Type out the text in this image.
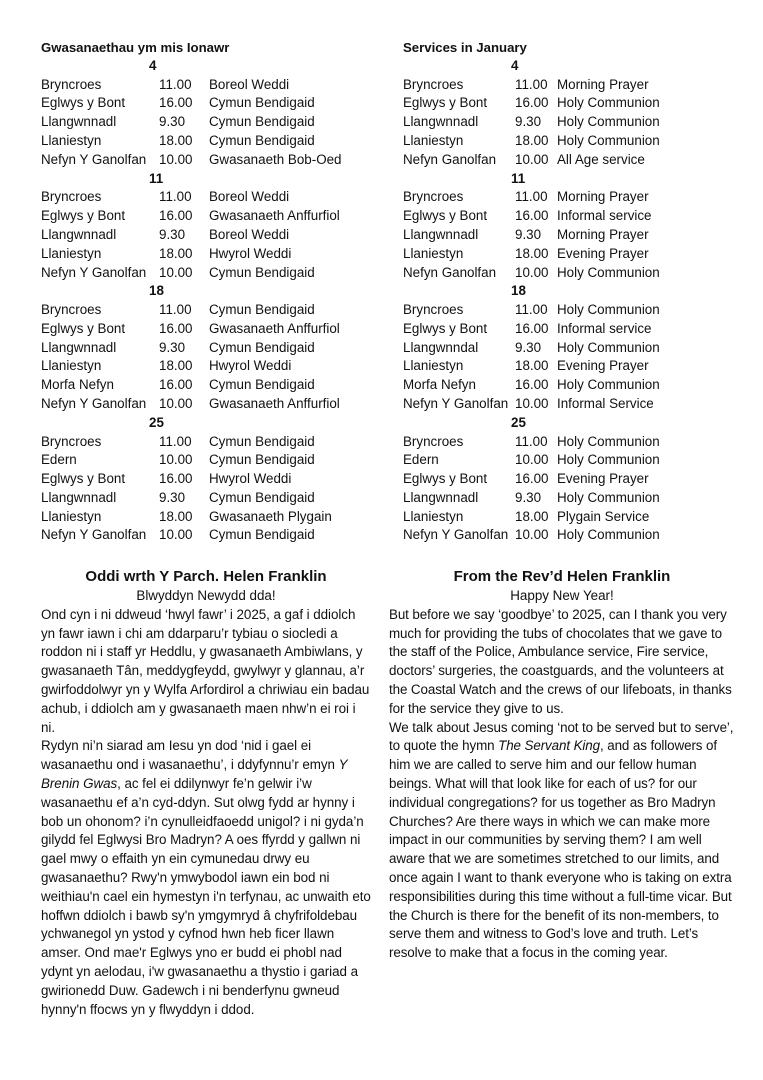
Gwasanaethau ym mis Ionawr
4
Bryncroes	11.00	Boreol Weddi
Eglwys y Bont	16.00	Cymun Bendigaid
Llangwnnadl	9.30	Cymun Bendigaid
Llaniestyn	18.00	Cymun Bendigaid
Nefyn Y Ganolfan 10.00	Gwasanaeth Bob-Oed
11
Bryncroes	11.00	Boreol Weddi
Eglwys y Bont	16.00	Gwasanaeth Anffurfiol
Llangwnnadl	9.30	Boreol Weddi
Llaniestyn	18.00	Hwyrol Weddi
Nefyn Y Ganolfan 10.00	Cymun Bendigaid
18
Bryncroes	11.00	Cymun Bendigaid
Eglwys y Bont	16.00	Gwasanaeth Anffurfiol
Llangwnnadl	9.30	Cymun Bendigaid
Llaniestyn	18.00	Hwyrol Weddi
Morfa Nefyn	16.00	Cymun Bendigaid
Nefyn Y Ganolfan 10.00	Gwasanaeth Anffurfiol
25
Bryncroes	11.00	Cymun Bendigaid
Edern	10.00	Cymun Bendigaid
Eglwys y Bont	16.00	Hwyrol Weddi
Llangwnnadl	9.30	Cymun Bendigaid
Llaniestyn	18.00	Gwasanaeth Plygain
Nefyn Y Ganolfan 10.00	Cymun Bendigaid
Services in January
4
Bryncroes	11.00 Morning Prayer
Eglwys y Bont	16.00 Holy Communion
Llangwnnadl	9.30	Holy Communion
Llaniestyn	18.00 Holy Communion
Nefyn Ganolfan	10.00 All Age service
11
Bryncroes	11.00 Morning Prayer
Eglwys y Bont	16.00 Informal service
Llangwnnadl	9.30	Morning Prayer
Llaniestyn	18.00 Evening Prayer
Nefyn Ganolfan	10.00 Holy Communion
18
Bryncroes	11.00 Holy Communion
Eglwys y Bont	16.00 Informal service
Llangwnndal	9.30	Holy Communion
Llaniestyn	18.00 Evening Prayer
Morfa Nefyn	16.00 Holy Communion
Nefyn Y Ganolfan 10.00 Informal Service
25
Bryncroes	11.00 Holy Communion
Edern	10.00 Holy Communion
Eglwys y Bont	16.00 Evening Prayer
Llangwnnadl	9.30	Holy Communion
Llaniestyn	18.00 Plygain Service
Nefyn Y Ganolfan 10.00 Holy Communion
Oddi wrth Y Parch. Helen Franklin
Blwyddyn Newydd dda!

Ond cyn i ni ddweud ‘hwyl fawr’ i 2025, a gaf i ddiolch yn fawr iawn i chi am ddarparu’r tybiau o siocledi a roddon ni i staff yr Heddlu, y gwasanaeth Ambiwlans, y gwasanaeth Tân, meddygfeydd, gwylwyr y glannau, a’r gwirfoddolwyr yn y Wylfa Arfordirol a chriwiau ein badau achub, i ddiolch am y gwasanaeth maen nhw’n ei roi i ni.

Rydyn ni’n siarad am Iesu yn dod ‘nid i gael ei wasanaethu ond i wasanaethu’, i ddyfynnu’r emyn Y Brenin Gwas, ac fel ei ddilynwyr fe’n gelwir i’w wasanaethu ef a’n cyd-ddyn. Sut olwg fydd ar hynny i bob un ohonom? i’n cynulleidfaoedd unigol? i ni gyda’n gilydd fel Eglwysi Bro Madryn? A oes ffyrdd y gallwn ni gael mwy o effaith yn ein cymunedau drwy eu gwasanaethu? Rwy'n ymwybodol iawn ein bod ni weithiau'n cael ein hymestyn i'n terfynau, ac unwaith eto hoffwn ddiolch i bawb sy'n ymgymryd â chyfrifoldebau ychwanegol yn ystod y cyfnod hwn heb ficer llawn amser. Ond mae'r Eglwys yno er budd ei phobl nad ydynt yn aelodau, i'w gwasanaethu a thystio i gariad a gwirionedd Duw. Gadewch i ni benderfynu gwneud hynny'n ffocws yn y flwyddyn i ddod.

From the Rev’d Helen Franklin
Happy New Year!

But before we say ‘goodbye’ to 2025, can I thank you very much for providing the tubs of chocolates that we gave to the staff of the Police, Ambulance service, Fire service, doctors’ surgeries, the coastguards, and the volunteers at the Coastal Watch and the crews of our lifeboats, in thanks for the service they give to us.

We talk about Jesus coming ‘not to be served but to serve’, to quote the hymn The Servant King, and as followers of him we are called to serve him and our fellow human beings. What will that look like for each of us? for our individual congregations? for us together as Bro Madryn Churches? Are there ways in which we can make more impact in our communities by serving them? I am well aware that we are sometimes stretched to our limits, and once again I want to thank everyone who is taking on extra responsibilities during this time without a full-time vicar. But the Church is there for the benefit of its non-members, to serve them and witness to God’s love and truth. Let’s resolve to make that a focus in the coming year.
